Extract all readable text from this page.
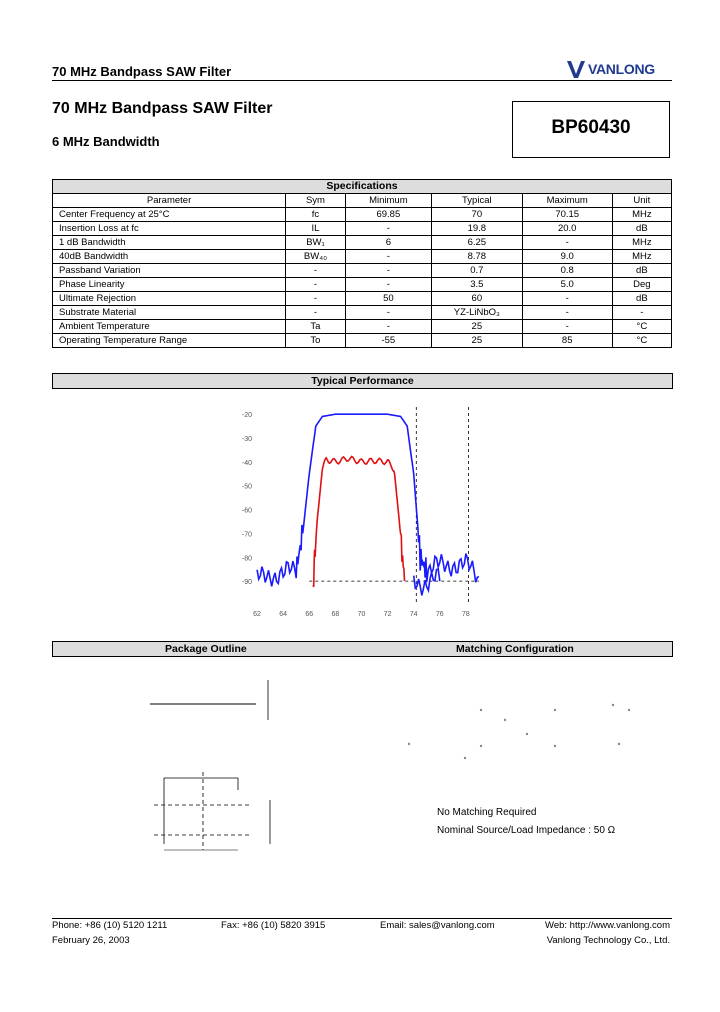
70 MHz Bandpass SAW Filter	VANLONG
70 MHz Bandpass SAW Filter
6 MHz Bandwidth
BP60430
Specifications					
Parameter	Sym	Minimum	Typical	Maximum	Unit
Center Frequency at 25°C	fc	69.85	70	70.15	MHz
Insertion Loss at fc	IL	-	19.8	20.0	dB
1 dB Bandwidth	BW₁	6	6.25	-	MHz
40dB Bandwidth	BW₄₀	-	8.78	9.0	MHz
Passband Variation	-	-	0.7	0.8	dB
Phase Linearity	-	-	3.5	5.0	Deg
Ultimate Rejection	-	50	60	-	dB
Substrate Material	-	-	YZ-LiNbO₃	-	-
Ambient Temperature	Ta	-	25	-	°C
Operating Temperature Range	To	-55	25	85	°C
Typical Performance
-20
-30
-40
-50
-60
-70
-80
-90
62	64	66	68	70	72	74	76	78
Package Outline	Matching Configuration
No Matching Required
Nominal Source/Load Impedance : 50 Ω
Phone: +86 (10) 5120 1211	Fax: +86 (10) 5820 3915	Email: sales@vanlong.com	Web: http://www.vanlong.com
February 26, 2003	Vanlong Technology Co., Ltd.
